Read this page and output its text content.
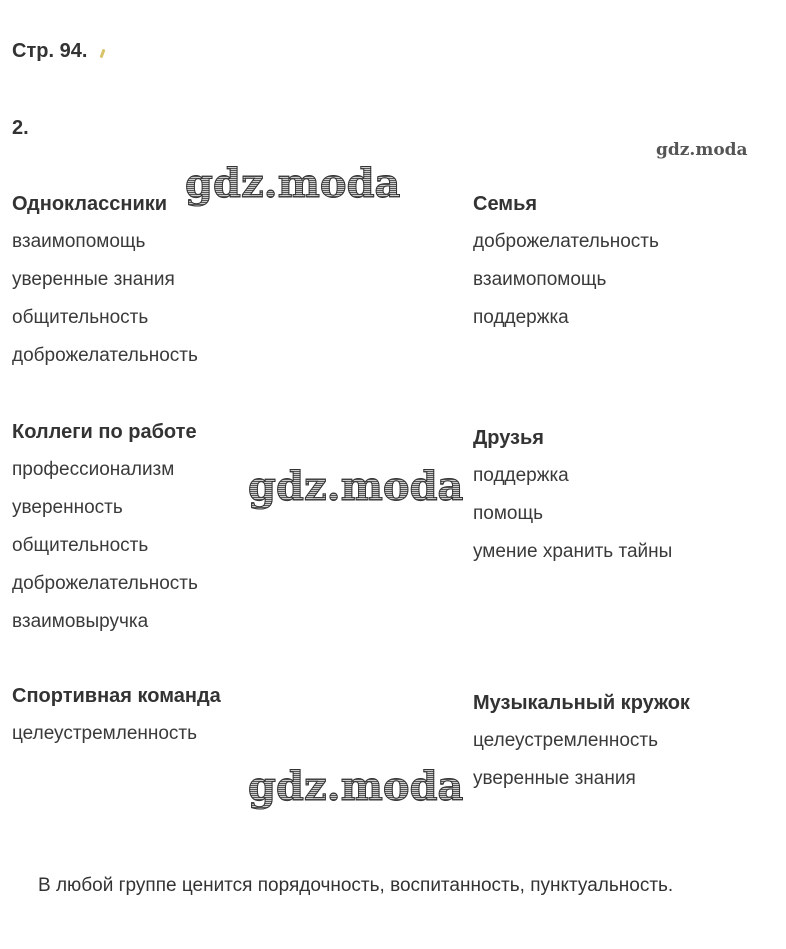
Стр. 94.
2.
Одноклассники
взаимопомощь
уверенные знания
общительность
доброжелательность
Семья
доброжелательность
взаимопомощь
поддержка
Коллеги по работе
профессионализм
уверенность
общительность
доброжелательность
взаимовыручка
Друзья
поддержка
помощь
умение хранить тайны
Спортивная команда
целеустремленность
Музыкальный кружок
целеустремленность
уверенные знания
В любой группе ценится порядочность, воспитанность, пунктуальность.
gdz.moda
gdz.moda
gdz.moda
gdz.moda
